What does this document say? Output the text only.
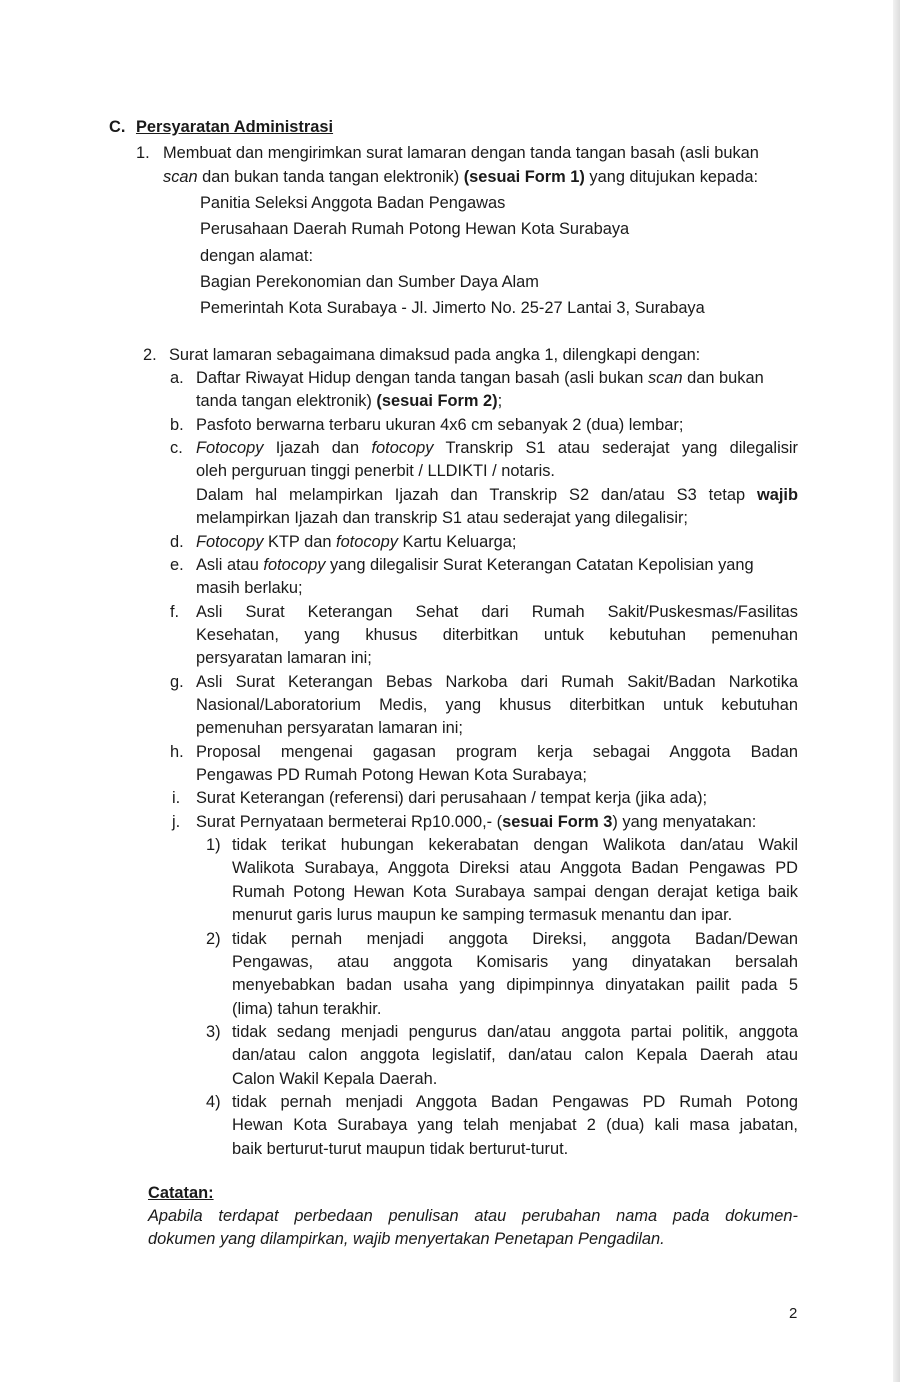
C. Persyaratan Administrasi
1. Membuat dan mengirimkan surat lamaran dengan tanda tangan basah (asli bukan
scan dan bukan tanda tangan elektronik) (sesuai Form 1) yang ditujukan kepada:
Panitia Seleksi Anggota Badan Pengawas
Perusahaan Daerah Rumah Potong Hewan Kota Surabaya
dengan alamat:
Bagian Perekonomian dan Sumber Daya Alam
Pemerintah Kota Surabaya - Jl. Jimerto No. 25-27 Lantai 3, Surabaya
2. Surat lamaran sebagaimana dimaksud pada angka 1, dilengkapi dengan:
a. Daftar Riwayat Hidup dengan tanda tangan basah (asli bukan scan dan bukan
tanda tangan elektronik) (sesuai Form 2);
b. Pasfoto berwarna terbaru ukuran 4x6 cm sebanyak 2 (dua) lembar;
c. Fotocopy Ijazah dan fotocopy Transkrip S1 atau sederajat yang dilegalisir
oleh perguruan tinggi penerbit / LLDIKTI / notaris.
Dalam hal melampirkan Ijazah dan Transkrip S2 dan/atau S3 tetap wajib
melampirkan Ijazah dan transkrip S1 atau sederajat yang dilegalisir;
d. Fotocopy KTP dan fotocopy Kartu Keluarga;
e. Asli atau fotocopy yang dilegalisir Surat Keterangan Catatan Kepolisian yang
masih berlaku;
f. Asli Surat Keterangan Sehat dari Rumah Sakit/Puskesmas/Fasilitas
Kesehatan, yang khusus diterbitkan untuk kebutuhan pemenuhan
persyaratan lamaran ini;
g. Asli Surat Keterangan Bebas Narkoba dari Rumah Sakit/Badan Narkotika
Nasional/Laboratorium Medis, yang khusus diterbitkan untuk kebutuhan
pemenuhan persyaratan lamaran ini;
h. Proposal mengenai gagasan program kerja sebagai Anggota Badan
Pengawas PD Rumah Potong Hewan Kota Surabaya;
i. Surat Keterangan (referensi) dari perusahaan / tempat kerja (jika ada);
j. Surat Pernyataan bermeterai Rp10.000,- (sesuai Form 3) yang menyatakan:
1) tidak terikat hubungan kekerabatan dengan Walikota dan/atau Wakil
Walikota Surabaya, Anggota Direksi atau Anggota Badan Pengawas PD
Rumah Potong Hewan Kota Surabaya sampai dengan derajat ketiga baik
menurut garis lurus maupun ke samping termasuk menantu dan ipar.
2) tidak pernah menjadi anggota Direksi, anggota Badan/Dewan
Pengawas, atau anggota Komisaris yang dinyatakan bersalah
menyebabkan badan usaha yang dipimpinnya dinyatakan pailit pada 5
(lima) tahun terakhir.
3) tidak sedang menjadi pengurus dan/atau anggota partai politik, anggota
dan/atau calon anggota legislatif, dan/atau calon Kepala Daerah atau
Calon Wakil Kepala Daerah.
4) tidak pernah menjadi Anggota Badan Pengawas PD Rumah Potong
Hewan Kota Surabaya yang telah menjabat 2 (dua) kali masa jabatan,
baik berturut-turut maupun tidak berturut-turut.
Catatan:
Apabila terdapat perbedaan penulisan atau perubahan nama pada dokumen-
dokumen yang dilampirkan, wajib menyertakan Penetapan Pengadilan.
2
